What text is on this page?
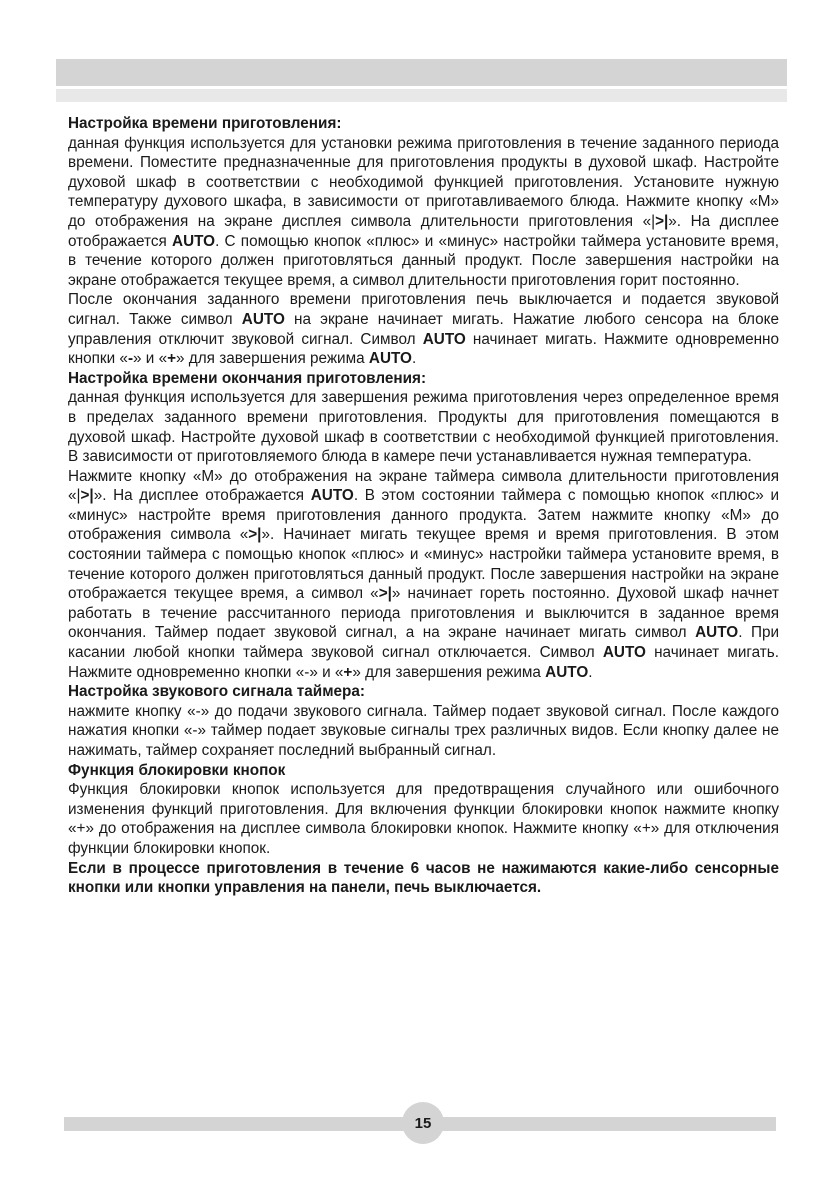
Настройка времени приготовления:

данная функция используется для установки режима приготовления в течение заданного периода времени. Поместите предназначенные для приготовления продукты в духовой шкаф. Настройте духовой шкаф в соответствии с необходимой функцией приготовления. Установите нужную температуру духового шкафа, в зависимости от приготавливаемого блюда. Нажмите кнопку «М» до отображения на экране дисплея символа длительности приготовления «|>|». На дисплее отображается AUTO. С помощью кнопок «плюс» и «минус» настройки таймера установите время, в течение которого должен приготовляться данный продукт. После завершения настройки на экране отображается текущее время, а символ длительности приготовления горит постоянно.

После окончания заданного времени приготовления печь выключается и подается звуковой сигнал. Также символ AUTO на экране начинает мигать. Нажатие любого сенсора на блоке управления отключит звуковой сигнал. Символ AUTO начинает мигать. Нажмите одновременно кнопки «-» и «+» для завершения режима AUTO.

Настройка времени окончания приготовления:

данная функция используется для завершения режима приготовления через определенное время в пределах заданного времени приготовления. Продукты для приготовления помещаются в духовой шкаф. Настройте духовой шкаф в соответствии с необходимой функцией приготовления. В зависимости от приготовляемого блюда в камере печи устанавливается нужная температура.

Нажмите кнопку «М» до отображения на экране таймера символа длительности приготовления «|>|». На дисплее отображается AUTO. В этом состоянии таймера с помощью кнопок «плюс» и «минус» настройте время приготовления данного продукта. Затем нажмите кнопку «М» до отображения символа «>|». Начинает мигать текущее время и время приготовления. В этом состоянии таймера с помощью кнопок «плюс» и «минус» настройки таймера установите время, в течение которого должен приготовляться данный продукт. После завершения настройки на экране отображается текущее время, а символ «>|» начинает гореть постоянно. Духовой шкаф начнет работать в течение рассчитанного периода приготовления и выключится в заданное время окончания. Таймер подает звуковой сигнал, а на экране начинает мигать символ AUTO. При касании любой кнопки таймера звуковой сигнал отключается. Символ AUTO начинает мигать. Нажмите одновременно кнопки «-» и «+» для завершения режима AUTO.

Настройка звукового сигнала таймера:

нажмите кнопку «-» до подачи звукового сигнала. Таймер подает звуковой сигнал. После каждого нажатия кнопки «-» таймер подает звуковые сигналы трех различных видов. Если кнопку далее не нажимать, таймер сохраняет последний выбранный сигнал.

Функция блокировки кнопок

Функция блокировки кнопок используется для предотвращения случайного или ошибочного изменения функций приготовления. Для включения функции блокировки кнопок нажмите кнопку «+» до отображения на дисплее символа блокировки кнопок. Нажмите кнопку «+» для отключения функции блокировки кнопок.

Если в процессе приготовления в течение 6 часов не нажимаются какие-либо сенсорные кнопки или кнопки управления на панели, печь выключается.

15
